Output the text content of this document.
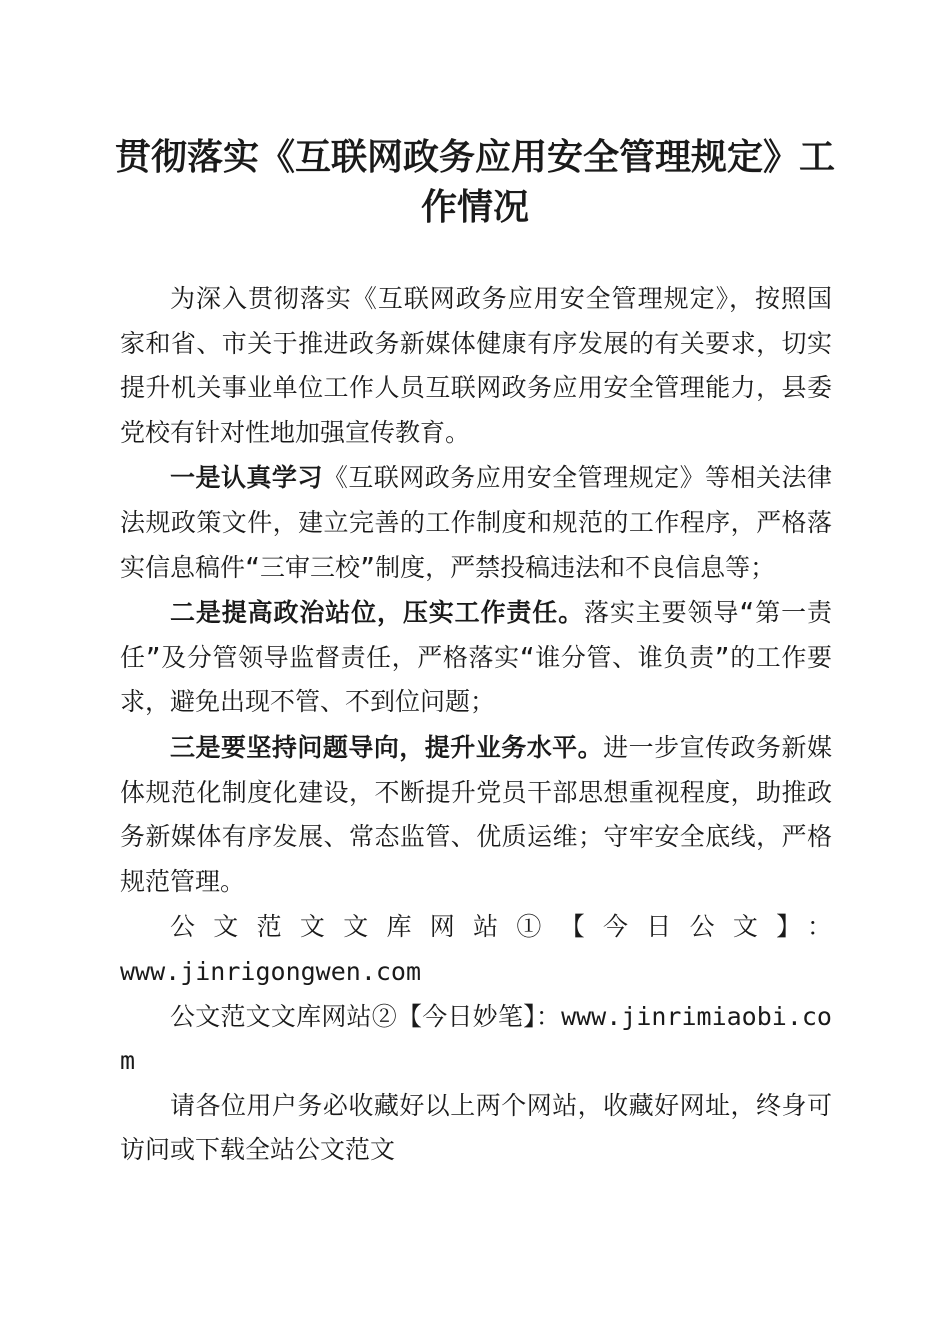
贯彻落实《互联网政务应用安全管理规定》工
作情况

为深入贯彻落实《互联网政务应用安全管理规定》，按照国家和省、市关于推进政务新媒体健康有序发展的有关要求，切实提升机关事业单位工作人员互联网政务应用安全管理能力，县委党校有针对性地加强宣传教育。

一是认真学习《互联网政务应用安全管理规定》等相关法律法规政策文件，建立完善的工作制度和规范的工作程序，严格落实信息稿件“三审三校”制度，严禁投稿违法和不良信息等；

二是提高政治站位，压实工作责任。落实主要领导“第一责任”及分管领导监督责任，严格落实“谁分管、谁负责”的工作要求，避免出现不管、不到位问题；

三是要坚持问题导向，提升业务水平。进一步宣传政务新媒体规范化制度化建设，不断提升党员干部思想重视程度，助推政务新媒体有序发展、常态监管、优质运维；守牢安全底线，严格规范管理。

公文范文文库网站①【今日公文】：

www.jinrigongwen.com

公文范文文库网站②【今日妙笔】：www.jinrimiaobi.com

请各位用户务必收藏好以上两个网站，收藏好网址，终身可访问或下载全站公文范文
